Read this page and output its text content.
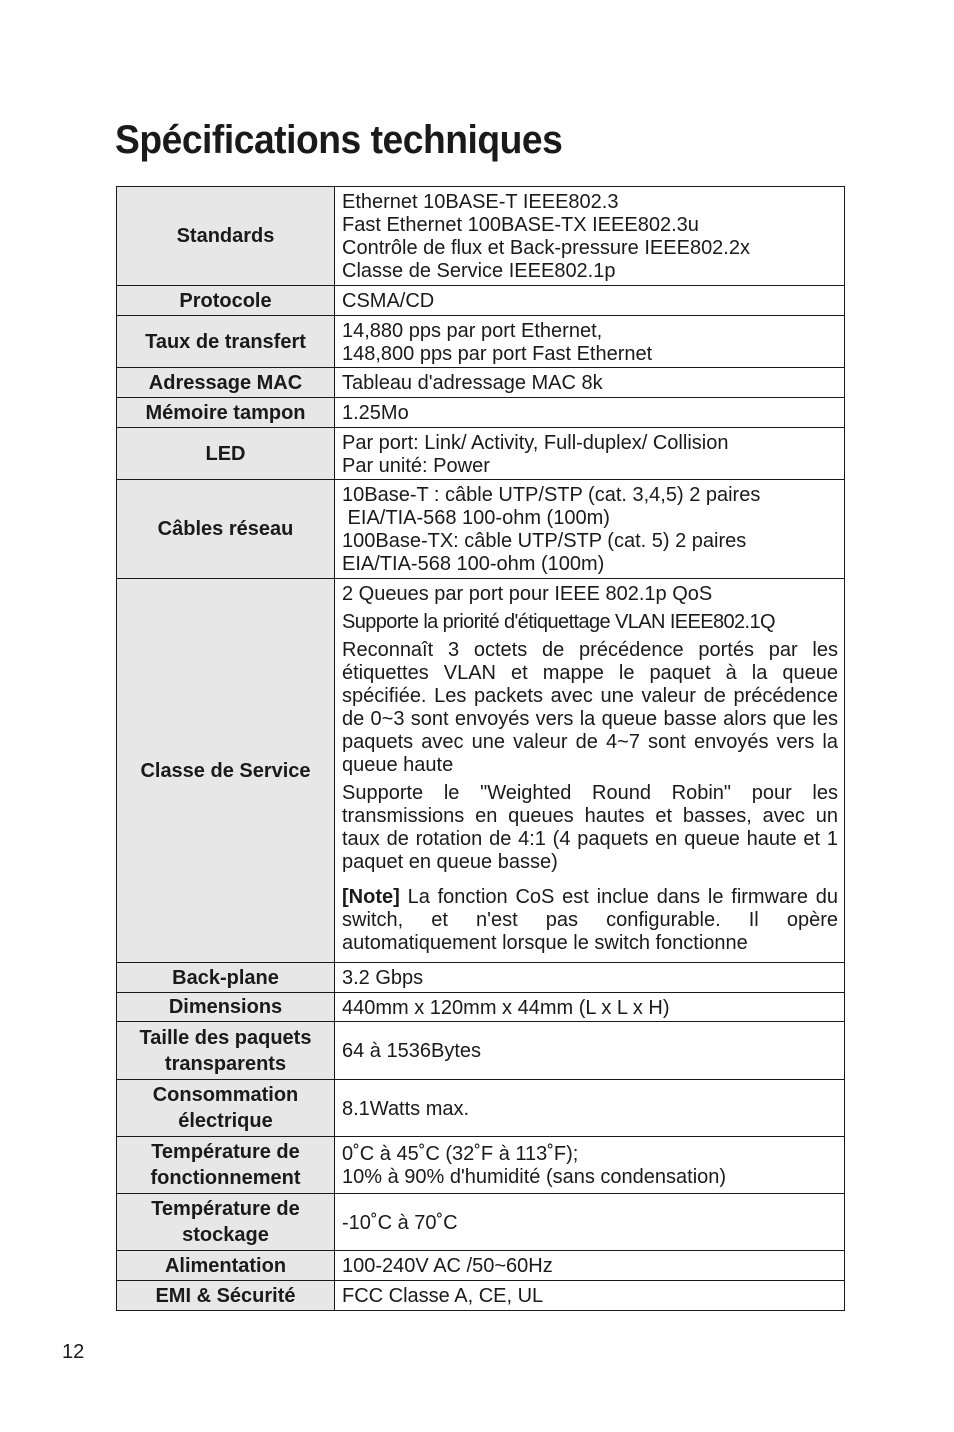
Spécifications techniques
Standards	Ethernet 10BASE-T IEEE802.3
Fast Ethernet 100BASE-TX IEEE802.3u
Contrôle de flux et Back-pressure IEEE802.2x
Classe de Service IEEE802.1p

Protocole	CSMA/CD

Taux de transfert	14,880 pps par port Ethernet,
148,800 pps par port Fast Ethernet

Adressage MAC	Tableau d'adressage MAC 8k

Mémoire tampon	1.25Mo

LED	Par port: Link/ Activity, Full-duplex/ Collision
Par unité: Power

Câbles réseau	10Base-T : câble UTP/STP (cat. 3,4,5) 2 paires
EIA/TIA-568 100-ohm (100m)
100Base-TX: câble UTP/STP (cat. 5) 2 paires
EIA/TIA-568 100-ohm (100m)

Classe de Service	2 Queues par port pour IEEE 802.1p QoS

Supporte la priorité d'étiquettage VLAN IEEE802.1Q

Reconnaît 3 octets de précédence portés par les étiquettes VLAN et mappe le paquet à la queue spécifiée. Les packets avec une valeur de précédence de 0~3 sont envoyés vers la queue basse alors que les paquets avec une valeur de 4~7 sont envoyés vers la queue haute

Supporte le "Weighted Round Robin" pour les transmissions en queues hautes et basses, avec un taux de rotation de 4:1 (4 paquets en queue haute et 1 paquet en queue basse)

[Note] La fonction CoS est inclue dans le firmware du switch, et n'est pas configurable. Il opère automatiquement lorsque le switch fonctionne

Back-plane	3.2 Gbps

Dimensions	440mm x 120mm x 44mm (L x L x H)

Taille des paquets transparents	64 à 1536Bytes

Consommation électrique	8.1Watts max.

Température de fonctionnement	0˚C à 45˚C (32˚F à 113˚F);
10% à 90% d'humidité (sans condensation)

Température de stockage	-10˚C à 70˚C

Alimentation	100-240V AC /50~60Hz

EMI & Sécurité	FCC Classe A, CE, UL
12
